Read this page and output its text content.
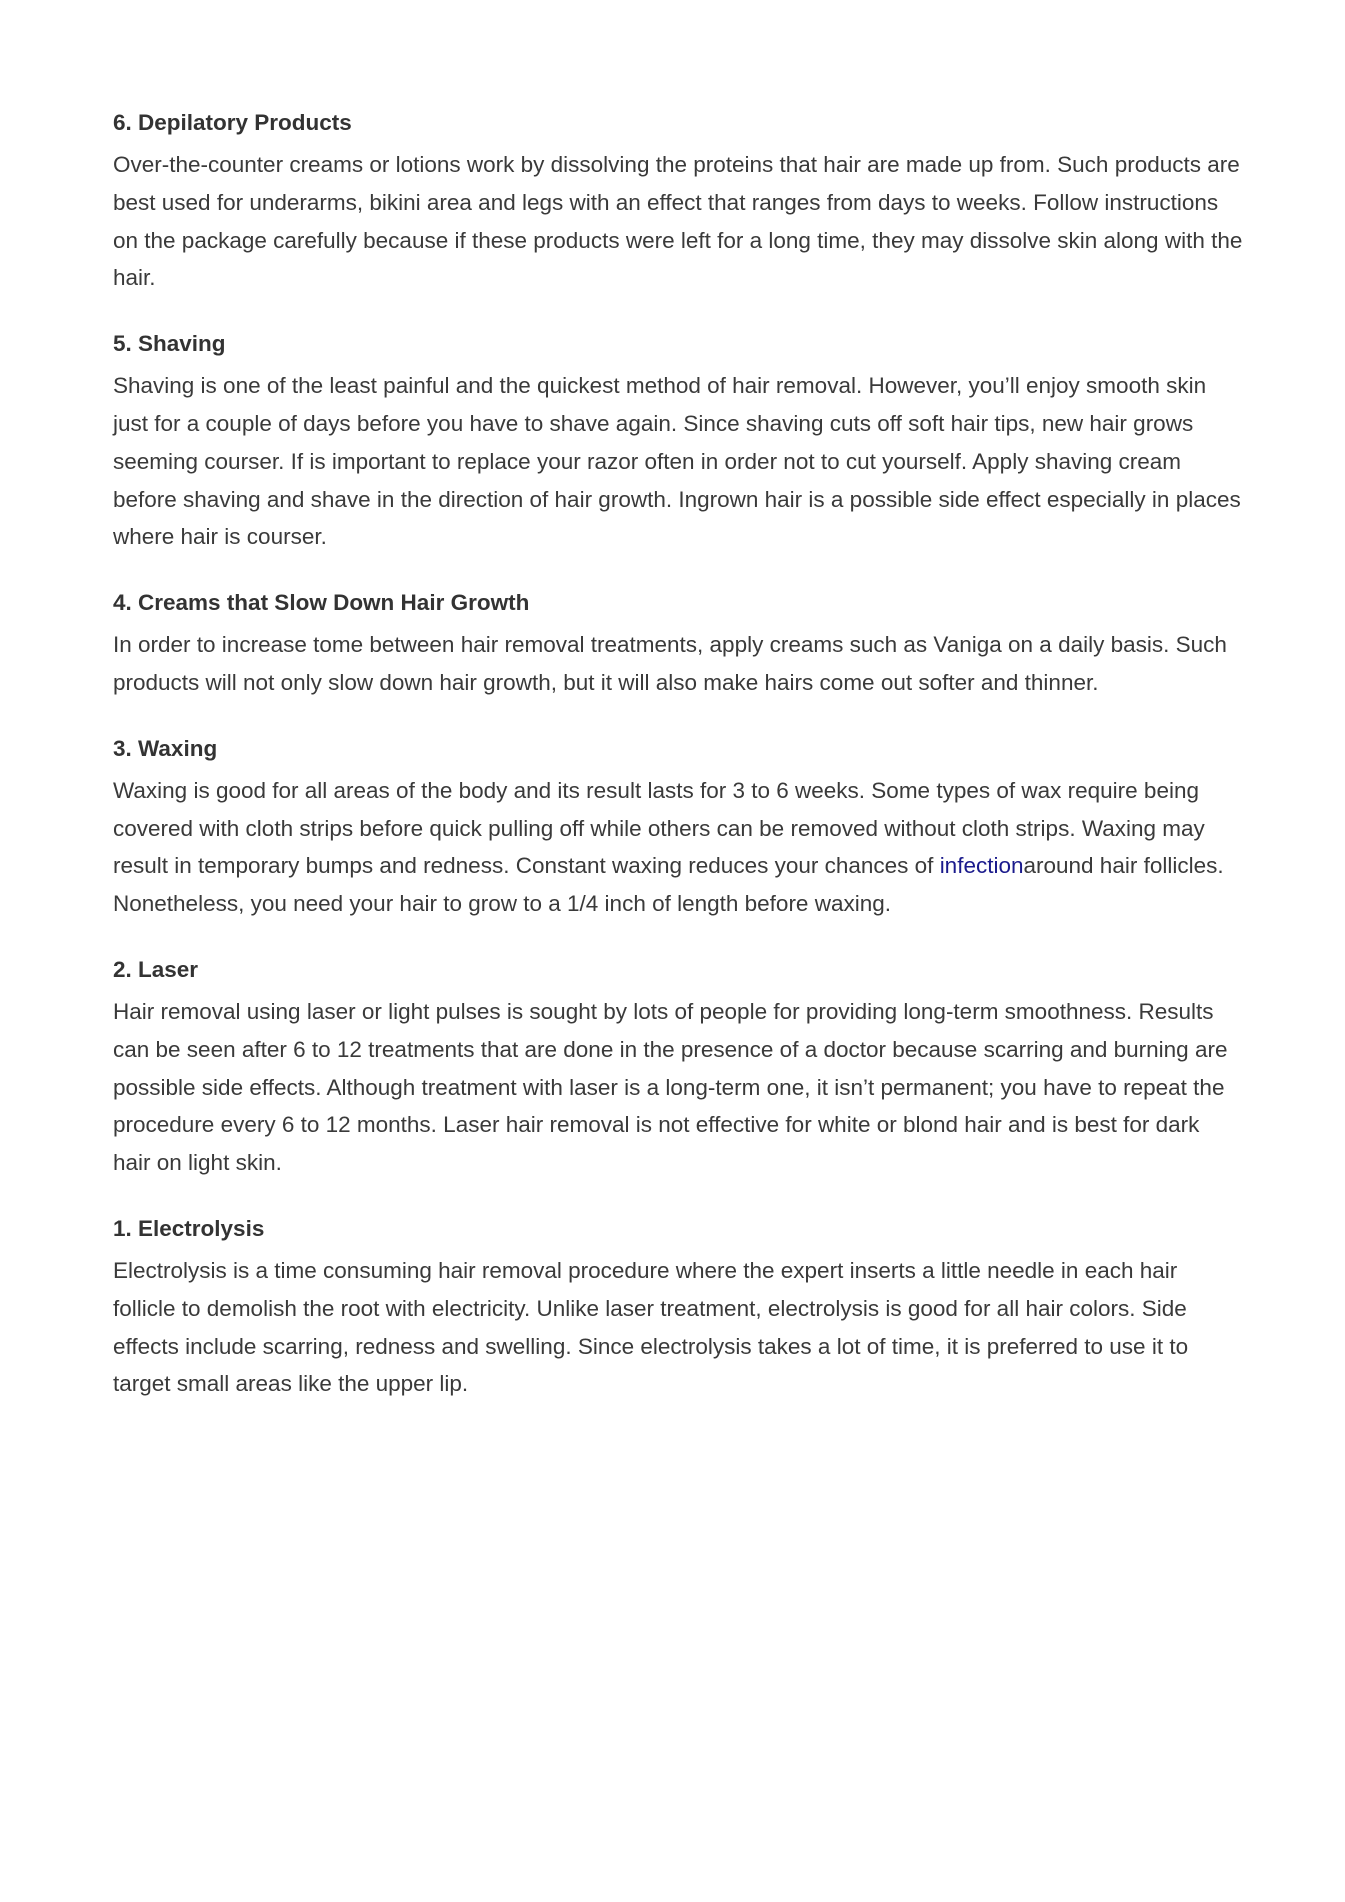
6. Depilatory Products

Over-the-counter creams or lotions work by dissolving the proteins that hair are made up from. Such products are best used for underarms, bikini area and legs with an effect that ranges from days to weeks. Follow instructions on the package carefully because if these products were left for a long time, they may dissolve skin along with the hair.

5. Shaving

Shaving is one of the least painful and the quickest method of hair removal. However, you’ll enjoy smooth skin just for a couple of days before you have to shave again. Since shaving cuts off soft hair tips, new hair grows seeming courser. If is important to replace your razor often in order not to cut yourself. Apply shaving cream before shaving and shave in the direction of hair growth. Ingrown hair is a possible side effect especially in places where hair is courser.

4. Creams that Slow Down Hair Growth

In order to increase tome between hair removal treatments, apply creams such as Vaniga on a daily basis. Such products will not only slow down hair growth, but it will also make hairs come out softer and thinner.

3. Waxing

Waxing is good for all areas of the body and its result lasts for 3 to 6 weeks. Some types of wax require being covered with cloth strips before quick pulling off while others can be removed without cloth strips. Waxing may result in temporary bumps and redness. Constant waxing reduces your chances of infectionaround hair follicles. Nonetheless, you need your hair to grow to a 1/4 inch of length before waxing.

2. Laser

Hair removal using laser or light pulses is sought by lots of people for providing long-term smoothness. Results can be seen after 6 to 12 treatments that are done in the presence of a doctor because scarring and burning are possible side effects. Although treatment with laser is a long-term one, it isn’t permanent; you have to repeat the procedure every 6 to 12 months. Laser hair removal is not effective for white or blond hair and is best for dark hair on light skin.

1. Electrolysis

Electrolysis is a time consuming hair removal procedure where the expert inserts a little needle in each hair follicle to demolish the root with electricity. Unlike laser treatment, electrolysis is good for all hair colors. Side effects include scarring, redness and swelling. Since electrolysis takes a lot of time, it is preferred to use it to target small areas like the upper lip.
